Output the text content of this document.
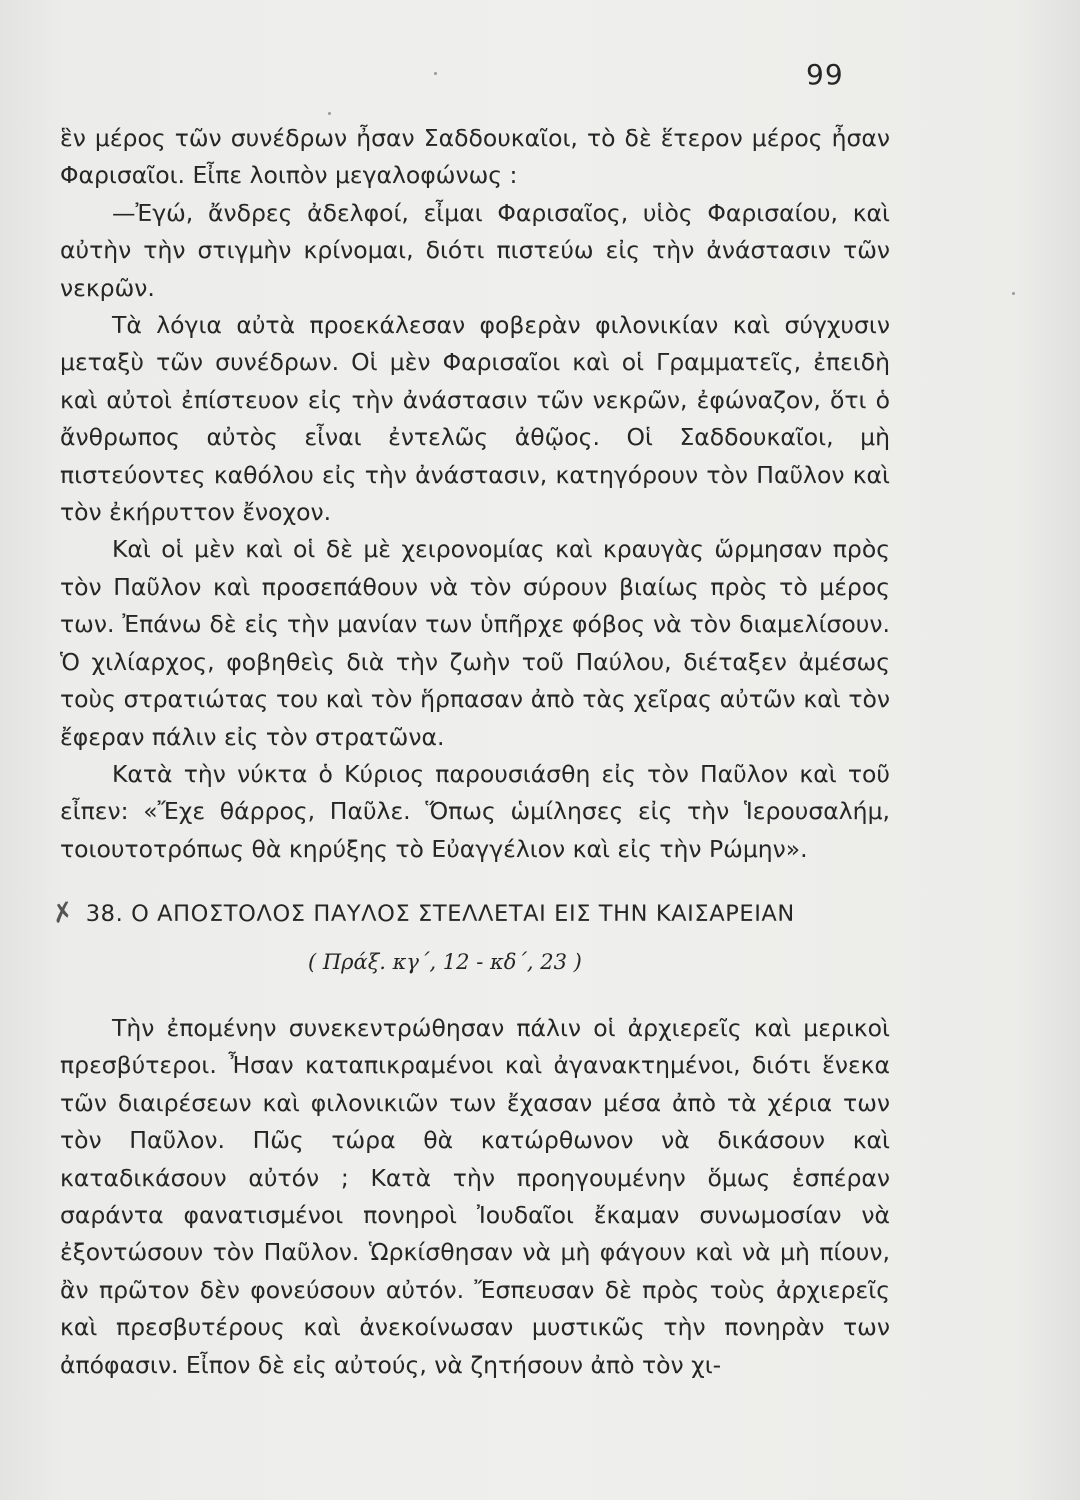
99

ἓν μέρος τῶν συνέδρων ἦσαν Σαδδουκαῖοι, τὸ δὲ ἕτερον μέρος ἦσαν Φαρισαῖοι. Εἶπε λοιπὸν μεγαλοφώνως :

—Ἐγώ, ἄνδρες ἀδελφοί, εἶμαι Φαρισαῖος, υἱὸς Φαρισαίου, καὶ αὐτὴν τὴν στιγμὴν κρίνομαι, διότι πιστεύω εἰς τὴν ἀνάστασιν τῶν νεκρῶν.

Τὰ λόγια αὐτὰ προεκάλεσαν φοβερὰν φιλονικίαν καὶ σύγχυσιν μεταξὺ τῶν συνέδρων. Οἱ μὲν Φαρισαῖοι καὶ οἱ Γραμματεῖς, ἐπειδὴ καὶ αὐτοὶ ἐπίστευον εἰς τὴν ἀνάστασιν τῶν νεκρῶν, ἐφώναζον, ὅτι ὁ ἄνθρωπος αὐτὸς εἶναι ἐντελῶς ἀθῷος. Οἱ Σαδδουκαῖοι, μὴ πιστεύοντες καθόλου εἰς τὴν ἀνάστασιν, κατηγόρουν τὸν Παῦλον καὶ τὸν ἐκήρυττον ἔνοχον.

Καὶ οἱ μὲν καὶ οἱ δὲ μὲ χειρονομίας καὶ κραυγὰς ὥρμησαν πρὸς τὸν Παῦλον καὶ προσεπάθουν νὰ τὸν σύρουν βιαίως πρὸς τὸ μέρος των. Ἐπάνω δὲ εἰς τὴν μανίαν των ὑπῆρχε φόβος νὰ τὸν διαμελίσουν. Ὁ χιλίαρχος, φοβηθεὶς διὰ τὴν ζωὴν τοῦ Παύλου, διέταξεν ἀμέσως τοὺς στρατιώτας του καὶ τὸν ἥρπασαν ἀπὸ τὰς χεῖρας αὐτῶν καὶ τὸν ἔφεραν πάλιν εἰς τὸν στρατῶνα.

Κατὰ τὴν νύκτα ὁ Κύριος παρουσιάσθη εἰς τὸν Παῦλον καὶ τοῦ εἶπεν: «Ἔχε θάρρος, Παῦλε. Ὅπως ὡμίλησες εἰς τὴν Ἱερουσαλήμ, τοιουτοτρόπως θὰ κηρύξης τὸ Εὐαγγέλιον καὶ εἰς τὴν Ρώμην».

✗ 38. Ο ΑΠΟΣΤΟΛΟΣ ΠΑΥΛΟΣ ΣΤΕΛΛΕΤΑΙ ΕΙΣ ΤΗΝ ΚΑΙΣΑΡΕΙΑΝ
( Πράξ. κγ΄, 12 - κδ΄, 23 )

Τὴν ἐπομένην συνεκεντρώθησαν πάλιν οἱ ἀρχιερεῖς καὶ μερικοὶ πρεσβύτεροι. Ἦσαν καταπικραμένοι καὶ ἀγανακτημένοι, διότι ἕνεκα τῶν διαιρέσεων καὶ φιλονικιῶν των ἔχασαν μέσα ἀπὸ τὰ χέρια των τὸν Παῦλον. Πῶς τώρα θὰ κατώρθωνον νὰ δικάσουν καὶ καταδικάσουν αὐτόν ; Κατὰ τὴν προηγουμένην ὅμως ἑσπέραν σαράντα φανατισμένοι πονηροὶ Ἰουδαῖοι ἔκαμαν συνωμοσίαν νὰ ἐξοντώσουν τὸν Παῦλον. Ὡρκίσθησαν νὰ μὴ φάγουν καὶ νὰ μὴ πίουν, ἂν πρῶτον δὲν φονεύσουν αὐτόν. Ἔσπευσαν δὲ πρὸς τοὺς ἀρχιερεῖς καὶ πρεσβυτέρους καὶ ἀνεκοίνωσαν μυστικῶς τὴν πονηρὰν των ἀπόφασιν. Εἶπον δὲ εἰς αὐτούς, νὰ ζητήσουν ἀπὸ τὸν χι-
